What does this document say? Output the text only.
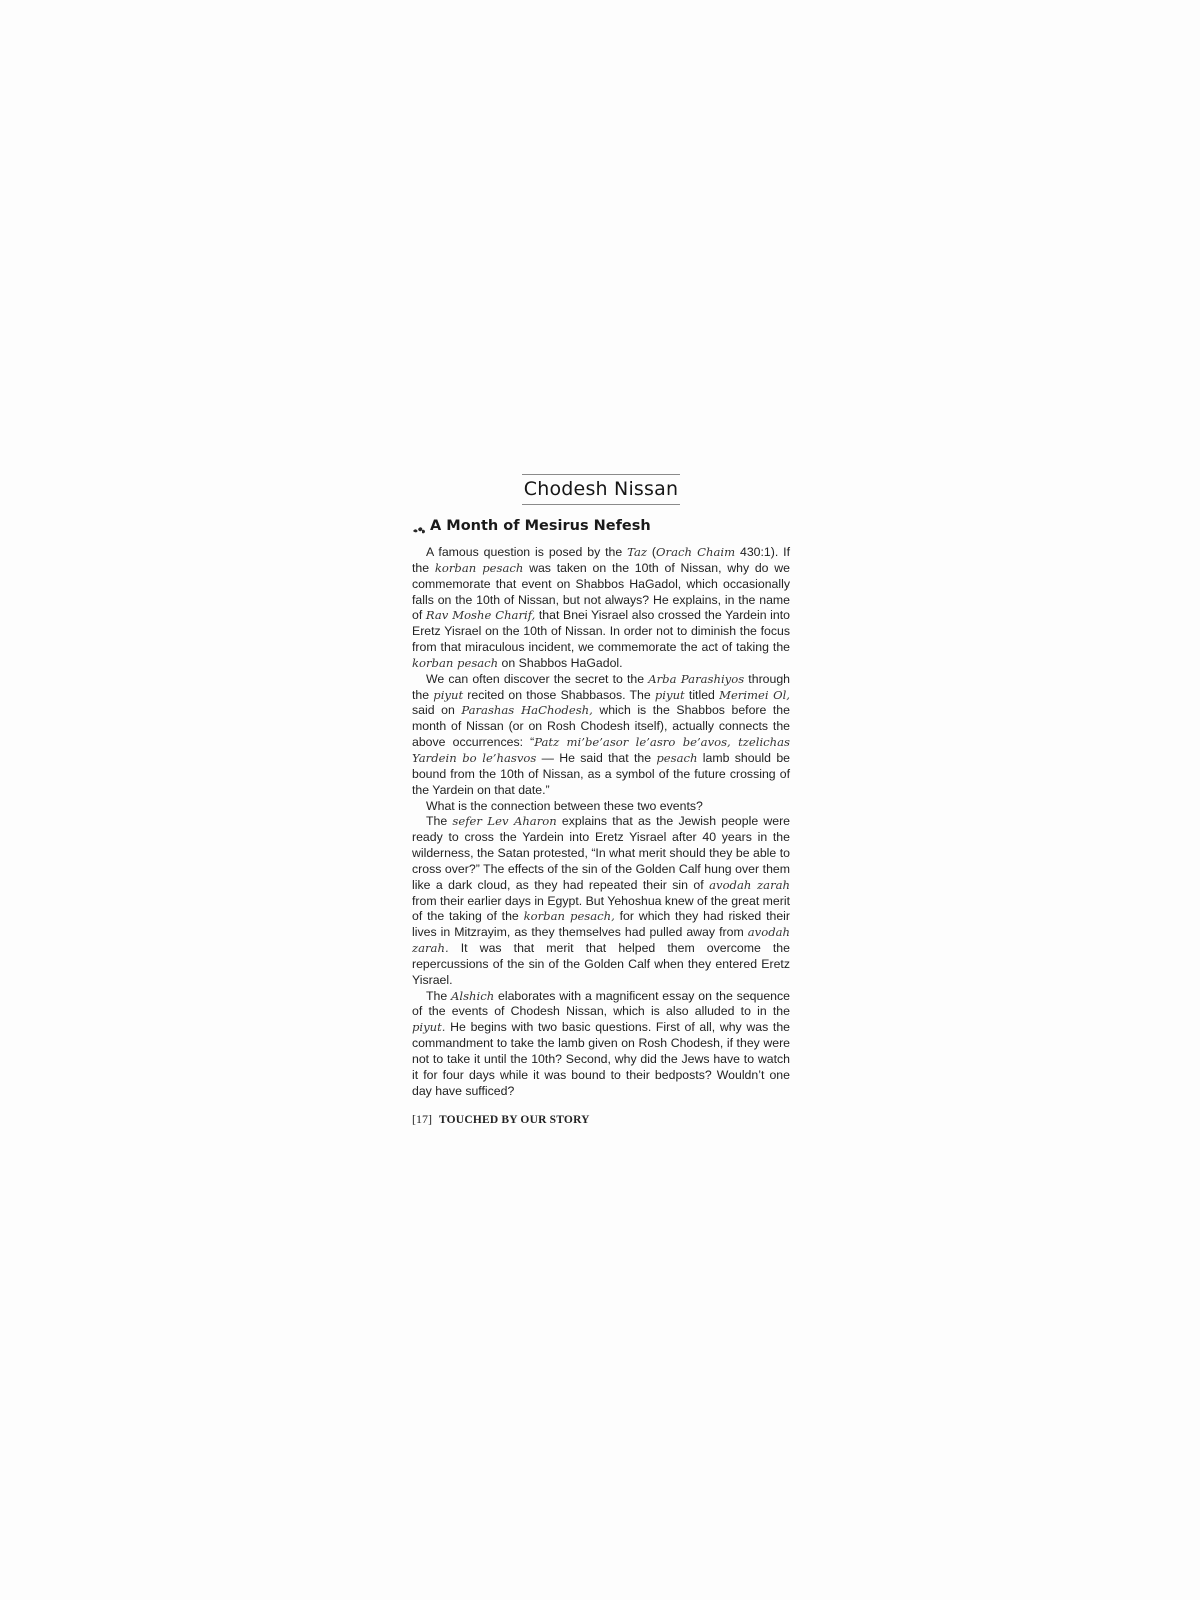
Chodesh Nissan
A Month of Mesirus Nefesh

A famous question is posed by the Taz (Orach Chaim 430:1). If the korban pesach was taken on the 10th of Nissan, why do we commemorate that event on Shabbos HaGadol, which occasionally falls on the 10th of Nissan, but not always? He explains, in the name of Rav Moshe Charif, that Bnei Yisrael also crossed the Yardein into Eretz Yisrael on the 10th of Nissan. In order not to diminish the focus from that miraculous incident, we commemorate the act of taking the korban pesach on Shabbos HaGadol.

We can often discover the secret to the Arba Parashiyos through the piyut recited on those Shabbasos. The piyut titled Merimei Ol, said on Parashas HaChodesh, which is the Shabbos before the month of Nissan (or on Rosh Chodesh itself), actually connects the above occurrences: “Patz mi’be’asor le’asro be’avos, tzelichas Yardein bo le’hasvos — He said that the pesach lamb should be bound from the 10th of Nissan, as a symbol of the future crossing of the Yardein on that date.”

What is the connection between these two events?

The sefer Lev Aharon explains that as the Jewish people were ready to cross the Yardein into Eretz Yisrael after 40 years in the wilderness, the Satan protested, “In what merit should they be able to cross over?” The effects of the sin of the Golden Calf hung over them like a dark cloud, as they had repeated their sin of avodah zarah from their earlier days in Egypt. But Yehoshua knew of the great merit of the taking of the korban pesach, for which they had risked their lives in Mitzrayim, as they themselves had pulled away from avodah zarah. It was that merit that helped them overcome the repercussions of the sin of the Golden Calf when they entered Eretz Yisrael.

The Alshich elaborates with a magnificent essay on the sequence of the events of Chodesh Nissan, which is also alluded to in the piyut. He begins with two basic questions. First of all, why was the commandment to take the lamb given on Rosh Chodesh, if they were not to take it until the 10th? Second, why did the Jews have to watch it for four days while it was bound to their bedposts? Wouldn’t one day have sufficed?

[17] TOUCHED BY OUR STORY
